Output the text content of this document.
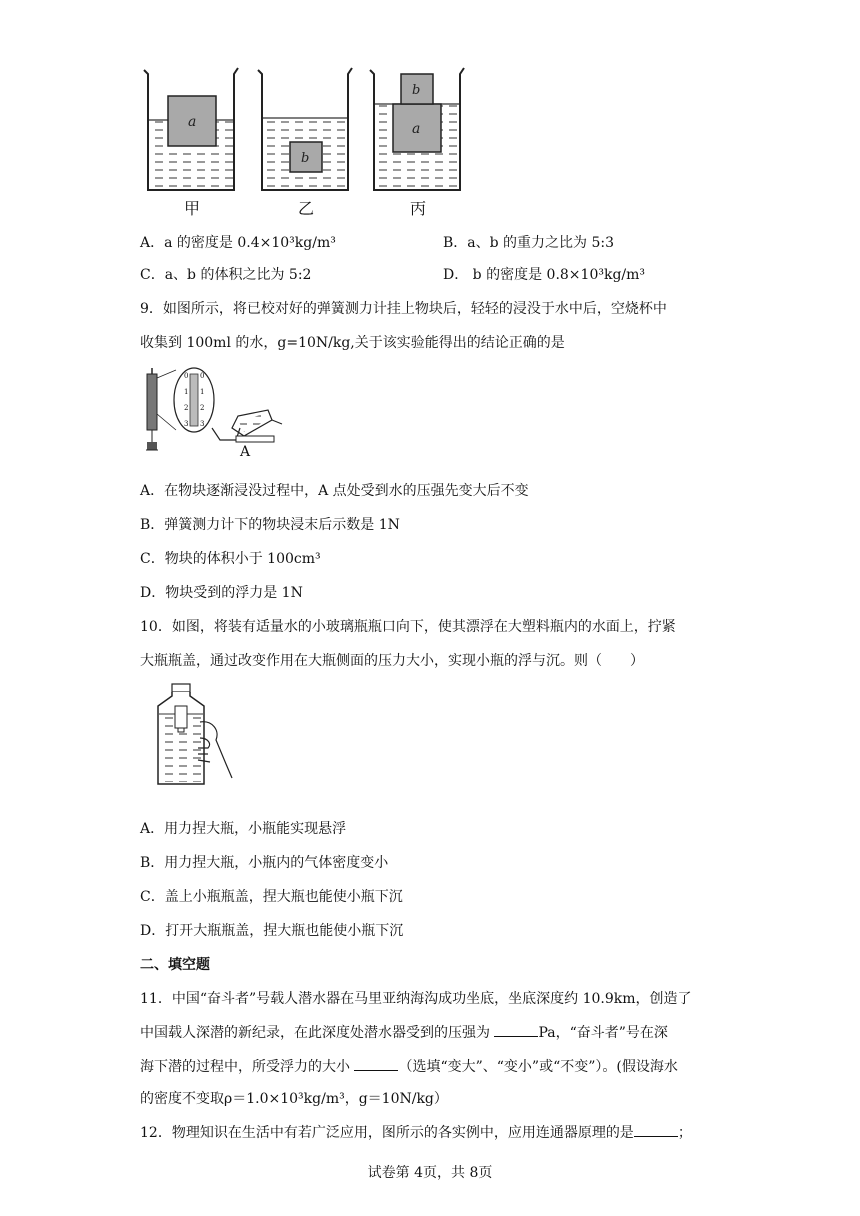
a
b
a
b
甲	乙	丙
A．a 的密度是 0.4×10³kg/m³	B．a、b 的重力之比为 5:3
C．a、b 的体积之比为 5:2	D． b 的密度是 0.8×10³kg/m³
9．如图所示，将已校对好的弹簧测力计挂上物块后，轻轻的浸没于水中后，空烧杯中
收集到 100ml 的水，g=10N/kg,关于该实验能得出的结论正确的是
0 0
1 1
2 2
3 3
A
A．在物块逐渐浸没过程中，A 点处受到水的压强先变大后不变
B．弹簧测力计下的物块浸末后示数是 1N
C．物块的体积小于 100cm³
D．物块受到的浮力是 1N
10．如图，将装有适量水的小玻璃瓶瓶口向下，使其漂浮在大塑料瓶内的水面上，拧紧
大瓶瓶盖，通过改变作用在大瓶侧面的压力大小，实现小瓶的浮与沉。则（　　）
A．用力捏大瓶，小瓶能实现悬浮
B．用力捏大瓶，小瓶内的气体密度变小
C．盖上小瓶瓶盖，捏大瓶也能使小瓶下沉
D．打开大瓶瓶盖，捏大瓶也能使小瓶下沉
二、填空题
11．中国“奋斗者”号载人潜水器在马里亚纳海沟成功坐底，坐底深度约 10.9km，创造了
中国载人深潜的新纪录，在此深度处潜水器受到的压强为	Pa，“奋斗者”号在深
海下潜的过程中，所受浮力的大小	（选填“变大”、“变小”或“不变”）。(假设海水
的密度不变取ρ＝1.0×10³kg/m³，g＝10N/kg）
12．物理知识在生活中有若广泛应用，图所示的各实例中，应用连通器原理的是	；
试卷第 4页，共 8页
